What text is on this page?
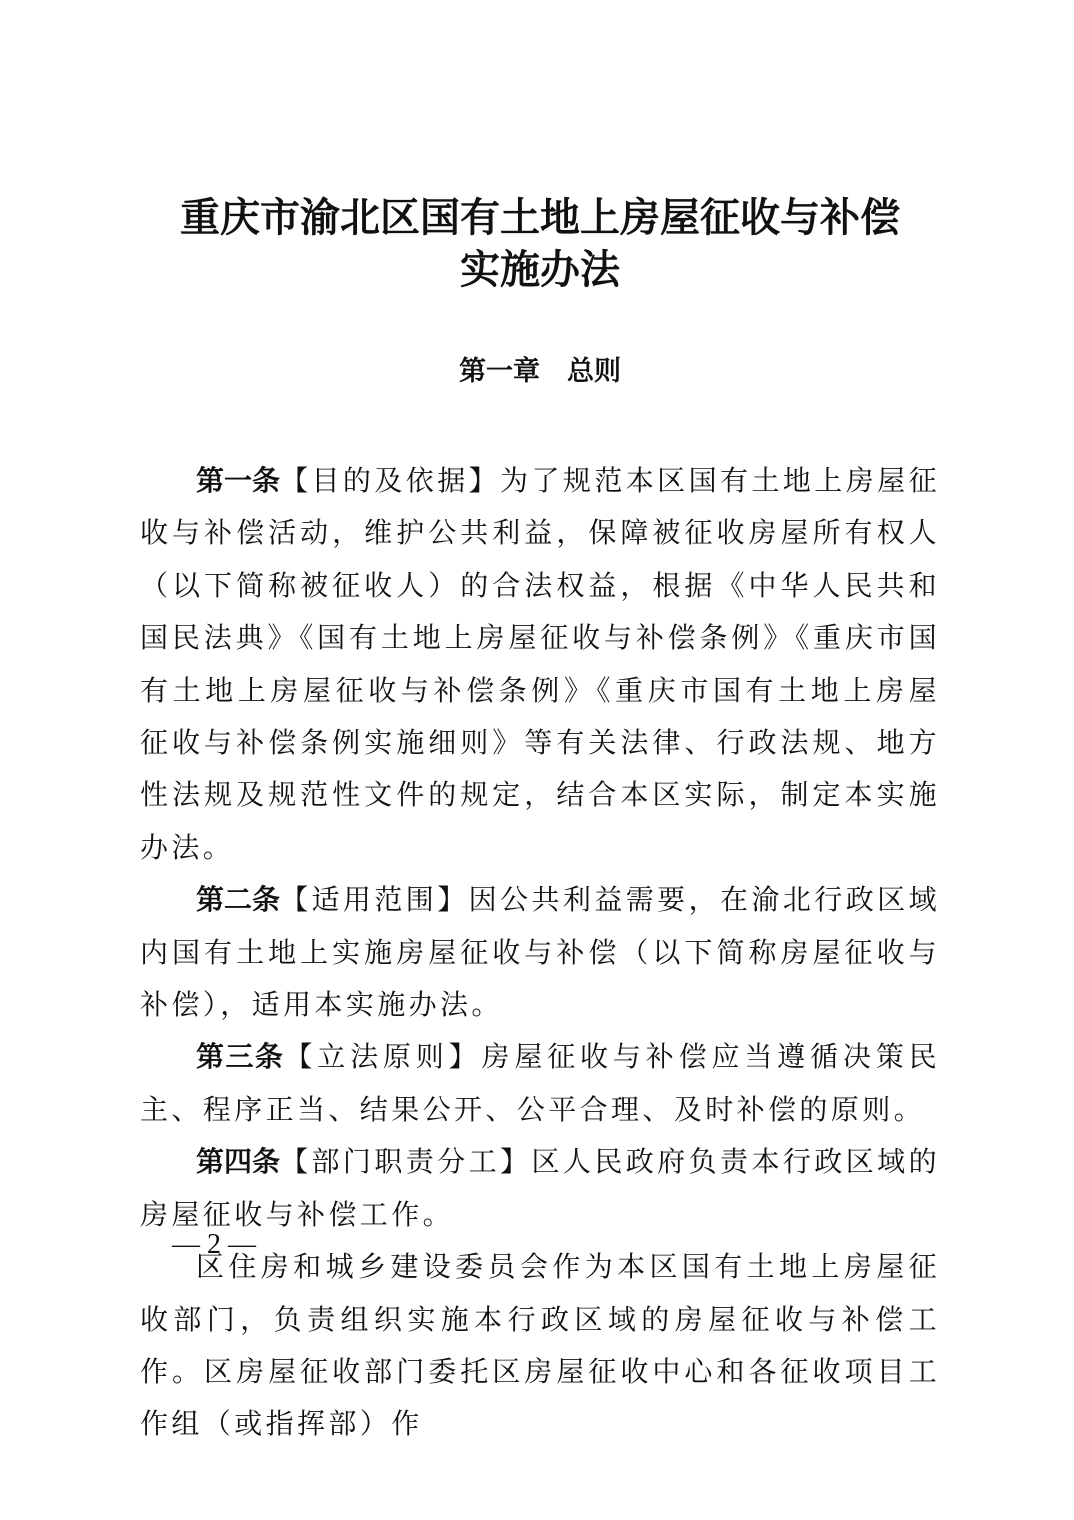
重庆市渝北区国有土地上房屋征收与补偿
实施办法
第一章　总则

第一条【目的及依据】为了规范本区国有土地上房屋征收与补偿活动，维护公共利益，保障被征收房屋所有权人（以下简称被征收人）的合法权益，根据《中华人民共和国民法典》《国有土地上房屋征收与补偿条例》《重庆市国有土地上房屋征收与补偿条例》《重庆市国有土地上房屋征收与补偿条例实施细则》等有关法律、行政法规、地方性法规及规范性文件的规定，结合本区实际，制定本实施办法。

第二条【适用范围】因公共利益需要，在渝北行政区域内国有土地上实施房屋征收与补偿（以下简称房屋征收与补偿），适用本实施办法。

第三条【立法原则】房屋征收与补偿应当遵循决策民主、程序正当、结果公开、公平合理、及时补偿的原则。

第四条【部门职责分工】区人民政府负责本行政区域的房屋征收与补偿工作。

区住房和城乡建设委员会作为本区国有土地上房屋征收部门，负责组织实施本行政区域的房屋征收与补偿工作。区房屋征收部门委托区房屋征收中心和各征收项目工作组（或指挥部）作

— 2 —
